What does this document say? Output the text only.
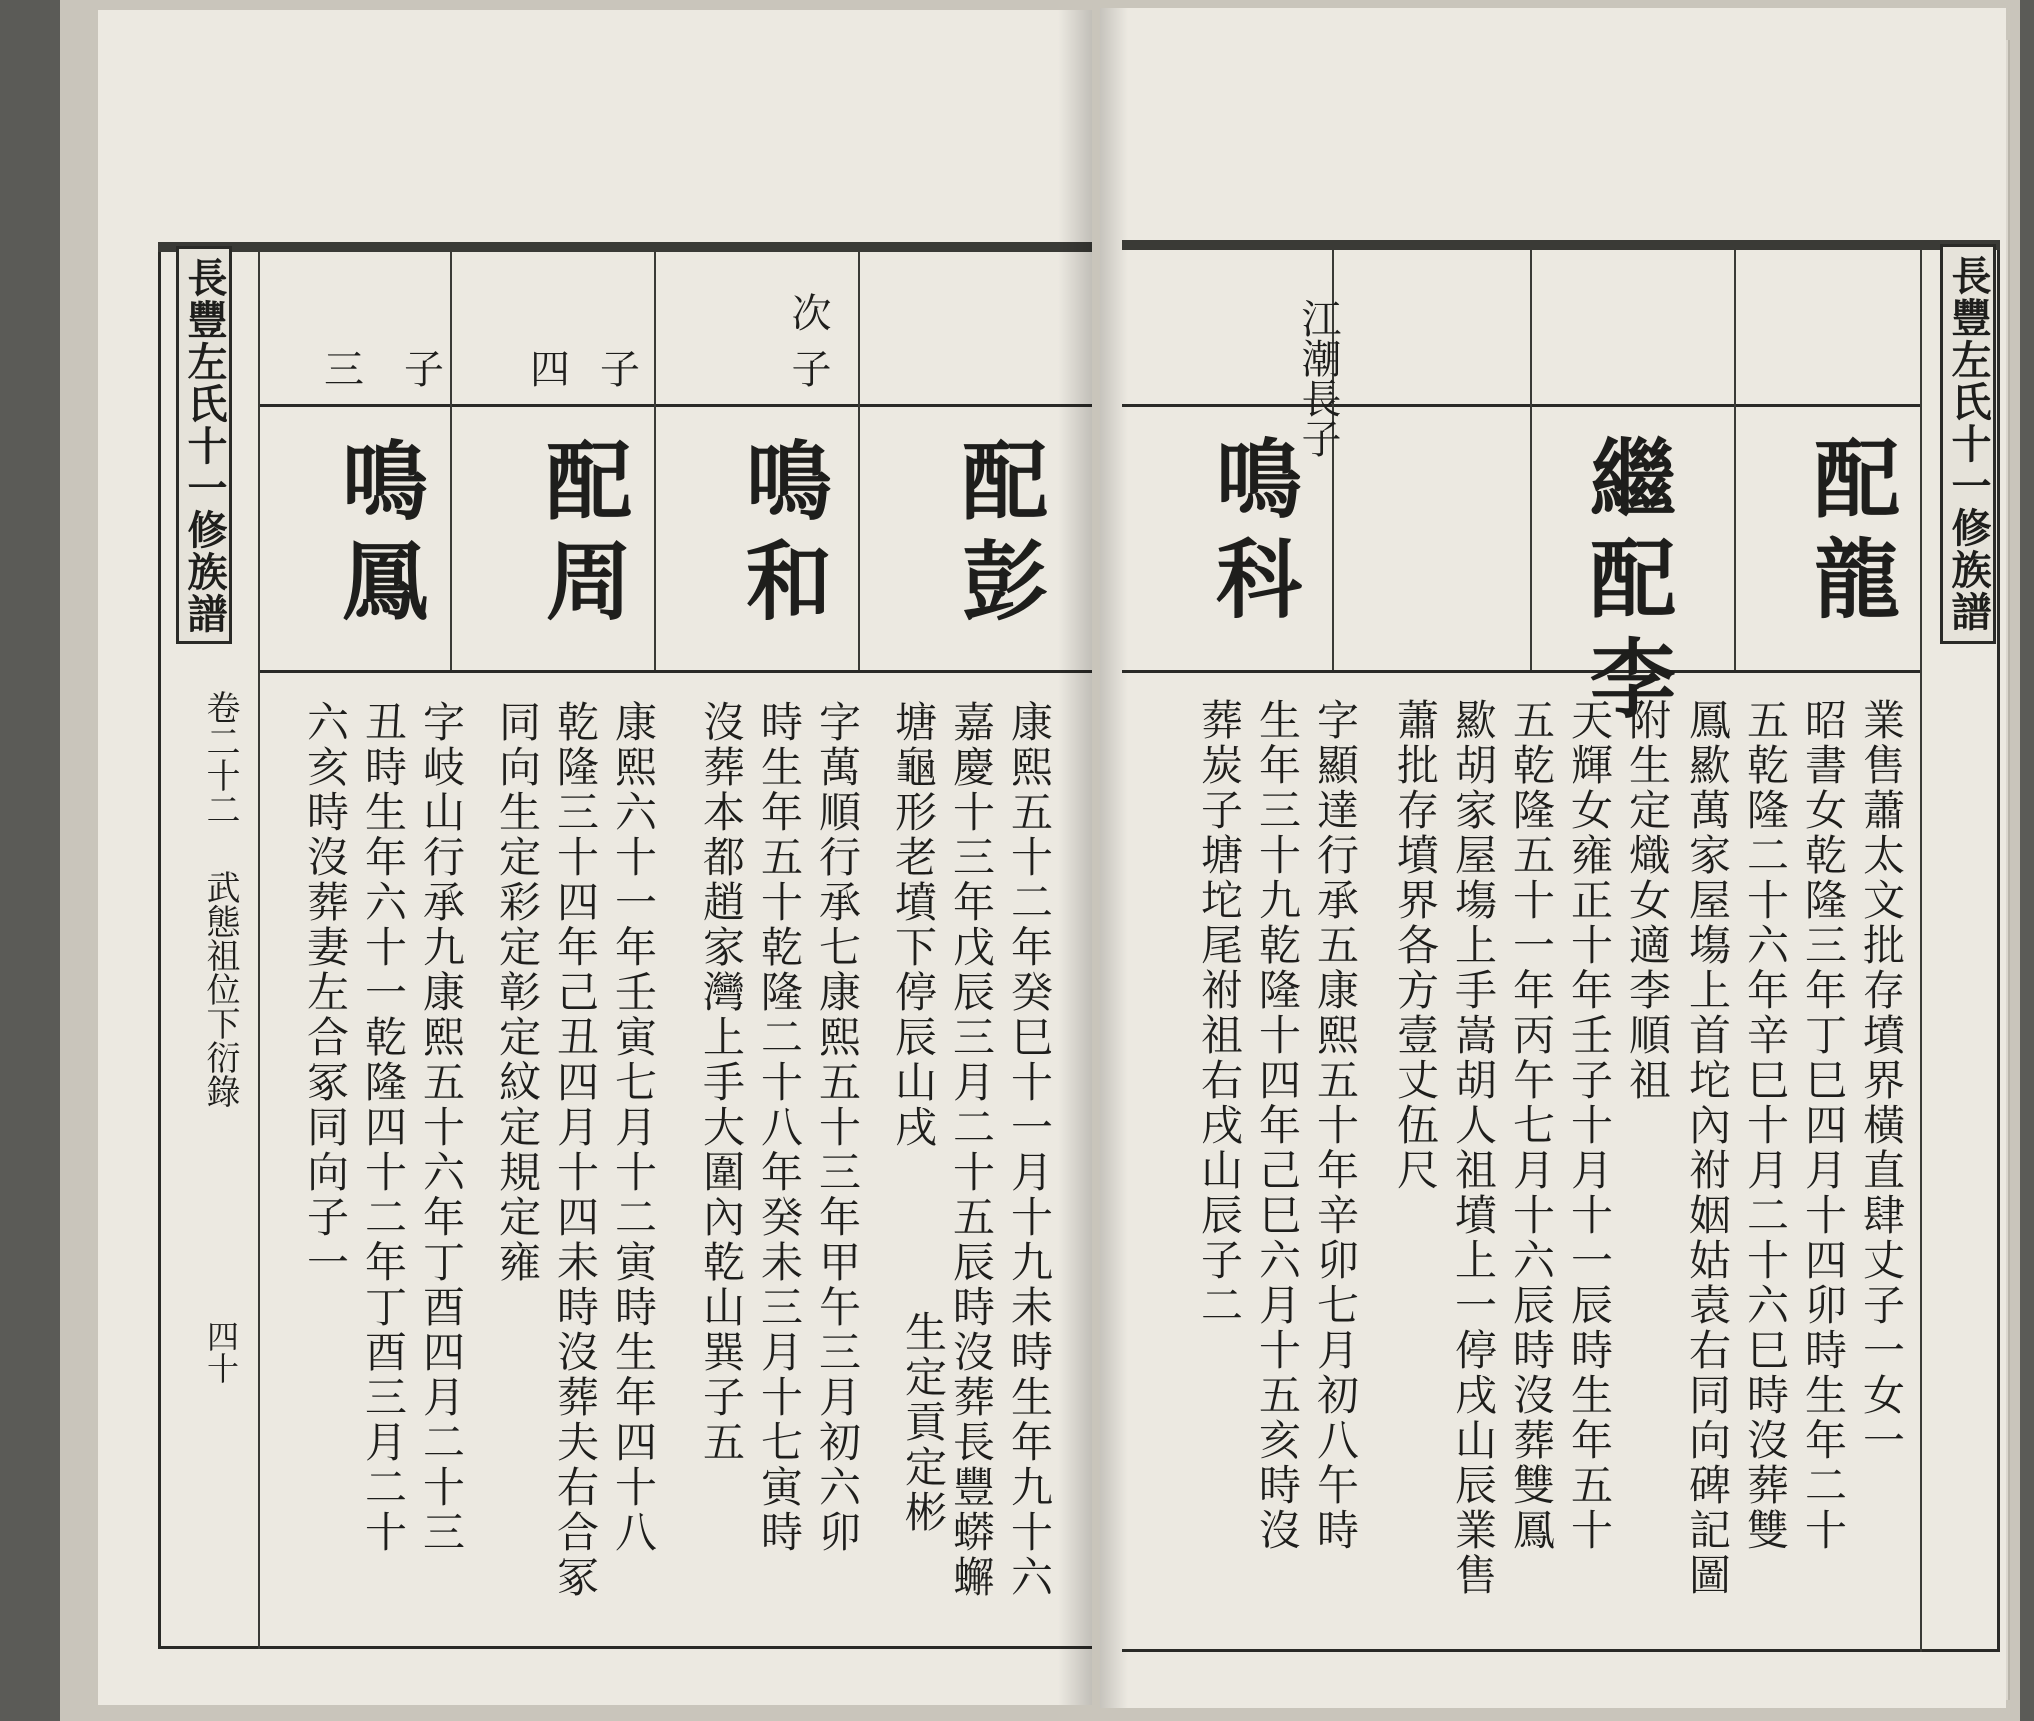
長豐左氏十一修族譜	次子
四子
三子
配彭
鳴和
配周
鳴鳳
康熙五十二年癸巳十一月十九未時生年九十六
嘉慶十三年戊辰三月二十五辰時沒葬長豐蟒蠏
塘龜形老墳下停辰山戌
生定貢定彬
字萬順行承七康熙五十三年甲午三月初六卯
時生年五十乾隆二十八年癸未三月十七寅時
沒葬本都趙家灣上手大圍內乾山巽子五
康熙六十一年壬寅七月十二寅時生年四十八
乾隆三十四年己丑四月十四未時沒葬夫右合冢
同向生定彩定彰定紋定規定雍
字岐山行承九康熙五十六年丁酉四月二十三
丑時生年六十一乾隆四十二年丁酉三月二十
六亥時沒葬妻左合冢同向子一
卷二十二
武態祖位下衍錄
四十
長豐左氏十一修族譜
江潮長子
配龍
繼配李
鳴科
業售蕭太文批存墳界橫直肆丈子一女一
昭書女乾隆三年丁巳四月十四卯時生年二十
五乾隆二十六年辛巳十月二十六巳時沒葬雙
鳳歞萬家屋塲上首坨內祔姻姑袁右同向碑記圖
附生定熾女適李順祖
天輝女雍正十年壬子十月十一辰時生年五十
五乾隆五十一年丙午七月十六辰時沒葬雙鳳
歞胡家屋塲上手嵩胡人祖墳上一停戌山辰業售
蕭批存墳界各方壹丈伍尺
字顯達行承五康熙五十年辛卯七月初八午時
生年三十九乾隆十四年己巳六月十五亥時沒
葬炭子塘坨尾祔祖右戌山辰子二
